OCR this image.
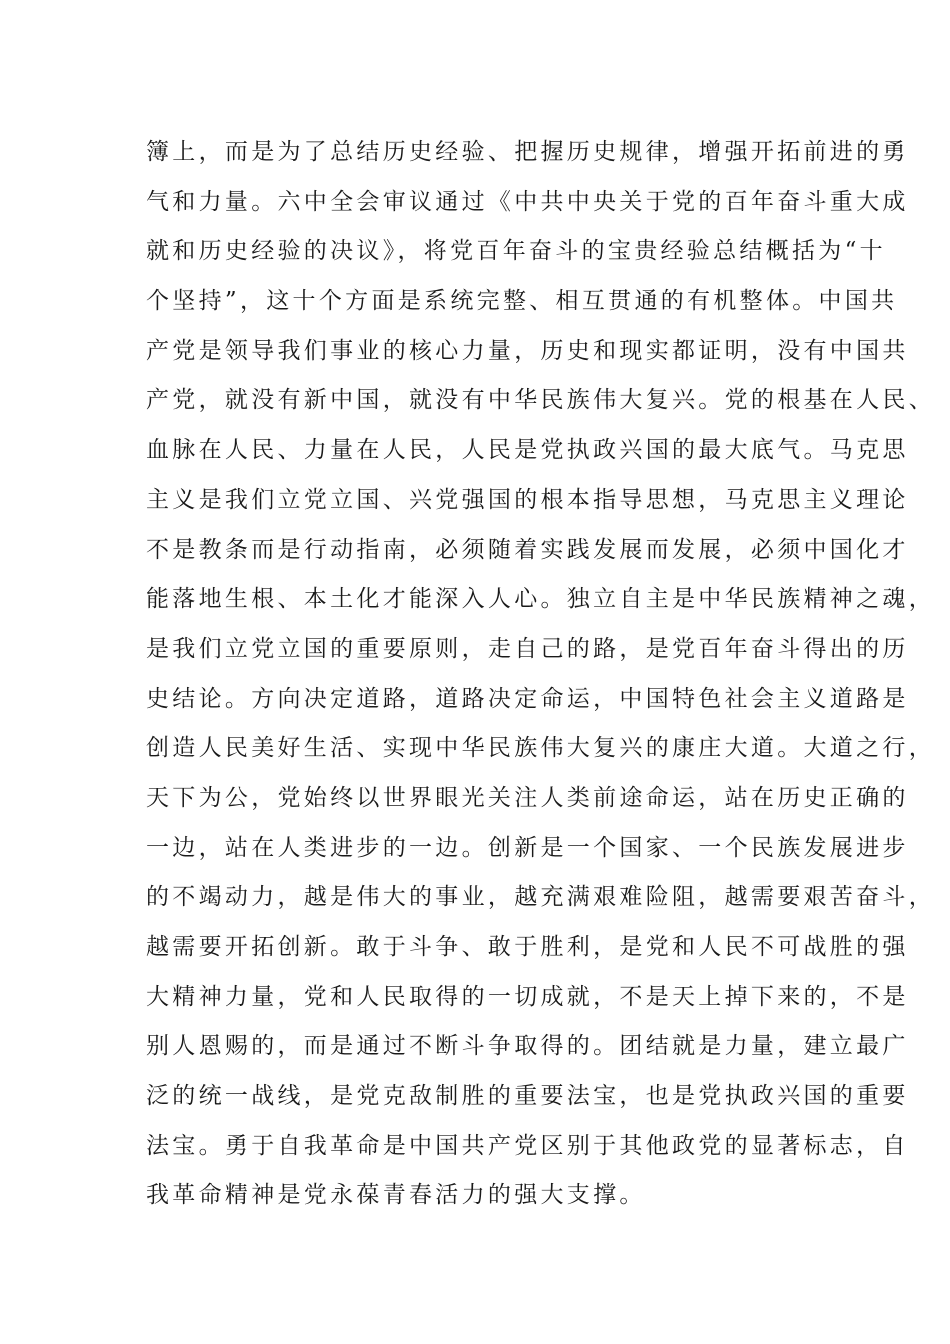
簿上，而是为了总结历史经验、把握历史规律，增强开拓前进的勇
气和力量。六中全会审议通过《中共中央关于党的百年奋斗重大成
就和历史经验的决议》，将党百年奋斗的宝贵经验总结概括为“十
个坚持”，这十个方面是系统完整、相互贯通的有机整体。中国共
产党是领导我们事业的核心力量，历史和现实都证明，没有中国共
产党，就没有新中国，就没有中华民族伟大复兴。党的根基在人民、
血脉在人民、力量在人民，人民是党执政兴国的最大底气。马克思
主义是我们立党立国、兴党强国的根本指导思想，马克思主义理论
不是教条而是行动指南，必须随着实践发展而发展，必须中国化才
能落地生根、本土化才能深入人心。独立自主是中华民族精神之魂，
是我们立党立国的重要原则，走自己的路，是党百年奋斗得出的历
史结论。方向决定道路，道路决定命运，中国特色社会主义道路是
创造人民美好生活、实现中华民族伟大复兴的康庄大道。大道之行，
天下为公，党始终以世界眼光关注人类前途命运，站在历史正确的
一边，站在人类进步的一边。创新是一个国家、一个民族发展进步
的不竭动力，越是伟大的事业，越充满艰难险阻，越需要艰苦奋斗，
越需要开拓创新。敢于斗争、敢于胜利，是党和人民不可战胜的强
大精神力量，党和人民取得的一切成就，不是天上掉下来的，不是
别人恩赐的，而是通过不断斗争取得的。团结就是力量，建立最广
泛的统一战线，是党克敌制胜的重要法宝，也是党执政兴国的重要
法宝。勇于自我革命是中国共产党区别于其他政党的显著标志，自
我革命精神是党永葆青春活力的强大支撑。
